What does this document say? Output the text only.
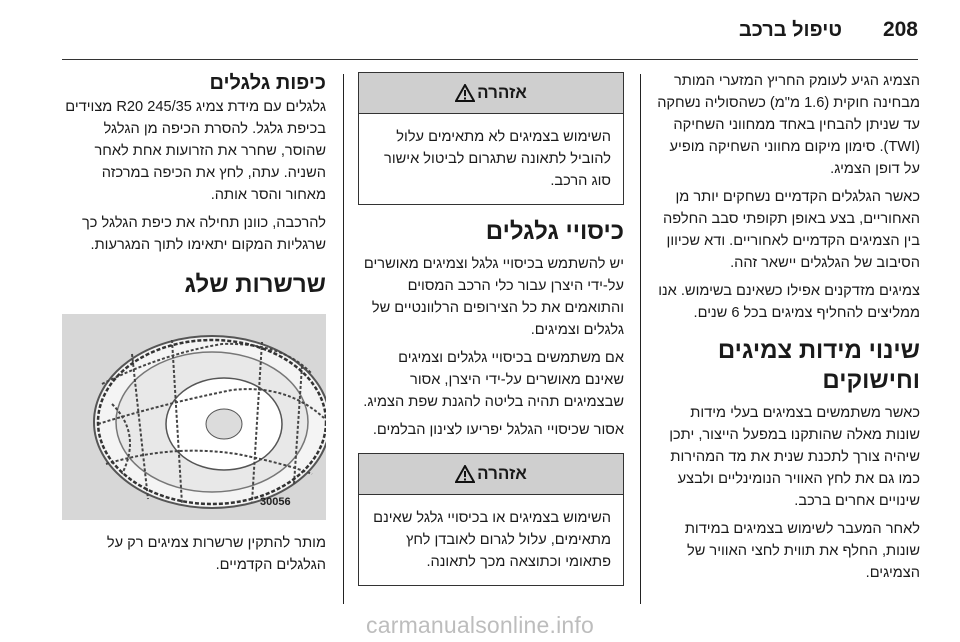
208
טיפול ברכב

הצמיג הגיע לעומק החריץ המזערי המותר מבחינה חוקית (1.6 מ"מ) כשהסוליה נשחקה עד שניתן להבחין באחד ממחווני השחיקה (TWI). סימון מיקום מחווני השחיקה מופיע על דופן הצמיג.

כאשר הגלגלים הקדמיים נשחקים יותר מן האחוריים, בצע באופן תקופתי סבב החלפה בין הצמיגים הקדמיים לאחוריים. ודא שכיוון הסיבוב של הגלגלים יישאר זהה.

צמיגים מזדקנים אפילו כשאינם בשימוש. אנו ממליצים להחליף צמיגים בכל 6 שנים.

שינוי מידות צמיגים וחישוקים

כאשר משתמשים בצמיגים בעלי מידות שונות מאלה שהותקנו במפעל הייצור, יתכן שיהיה צורך לתכנת שנית את מד המהירות כמו גם את לחץ האוויר הנומינליים ולבצע שינויים אחרים ברכב.

לאחר המעבר לשימוש בצמיגים במידות שונות, החלף את תווית לחצי האוויר של הצמיגים.

אזהרה

השימוש בצמיגים לא מתאימים עלול להוביל לתאונה שתגרום לביטול אישור סוג הרכב.

כיסויי גלגלים

יש להשתמש בכיסויי גלגל וצמיגים מאושרים על-ידי היצרן עבור כלי הרכב המסוים והתואמים את כל הצירופים הרלוונטיים של גלגלים וצמיגים.

אם משתמשים בכיסויי גלגלים וצמיגים שאינם מאושרים על-ידי היצרן, אסור שבצמיגים תהיה בליטה להגנת שפת הצמיג.

אסור שכיסויי הגלגל יפריעו לצינון הבלמים.

אזהרה

השימוש בצמיגים או בכיסויי גלגל שאינם מתאימים, עלול לגרום לאובדן לחץ פתאומי וכתוצאה מכך לתאונה.

כיפות גלגלים

גלגלים עם מידת צמיג 245/35 R20 מצוידים בכיפת גלגל. להסרת הכיפה מן הגלגל שהוסר, שחרר את הזרועות אחת לאחר השניה. עתה, לחץ את הכיפה במרכזה מאחור והסר אותה.

להרכבה, כוונן תחילה את כיפת הגלגל כך שרגליות המקום יתאימו לתוך המגרעות.

שרשרות שלג
30056

מותר להתקין שרשרות צמיגים רק על הגלגלים הקדמיים.

carmanualsonline.info
